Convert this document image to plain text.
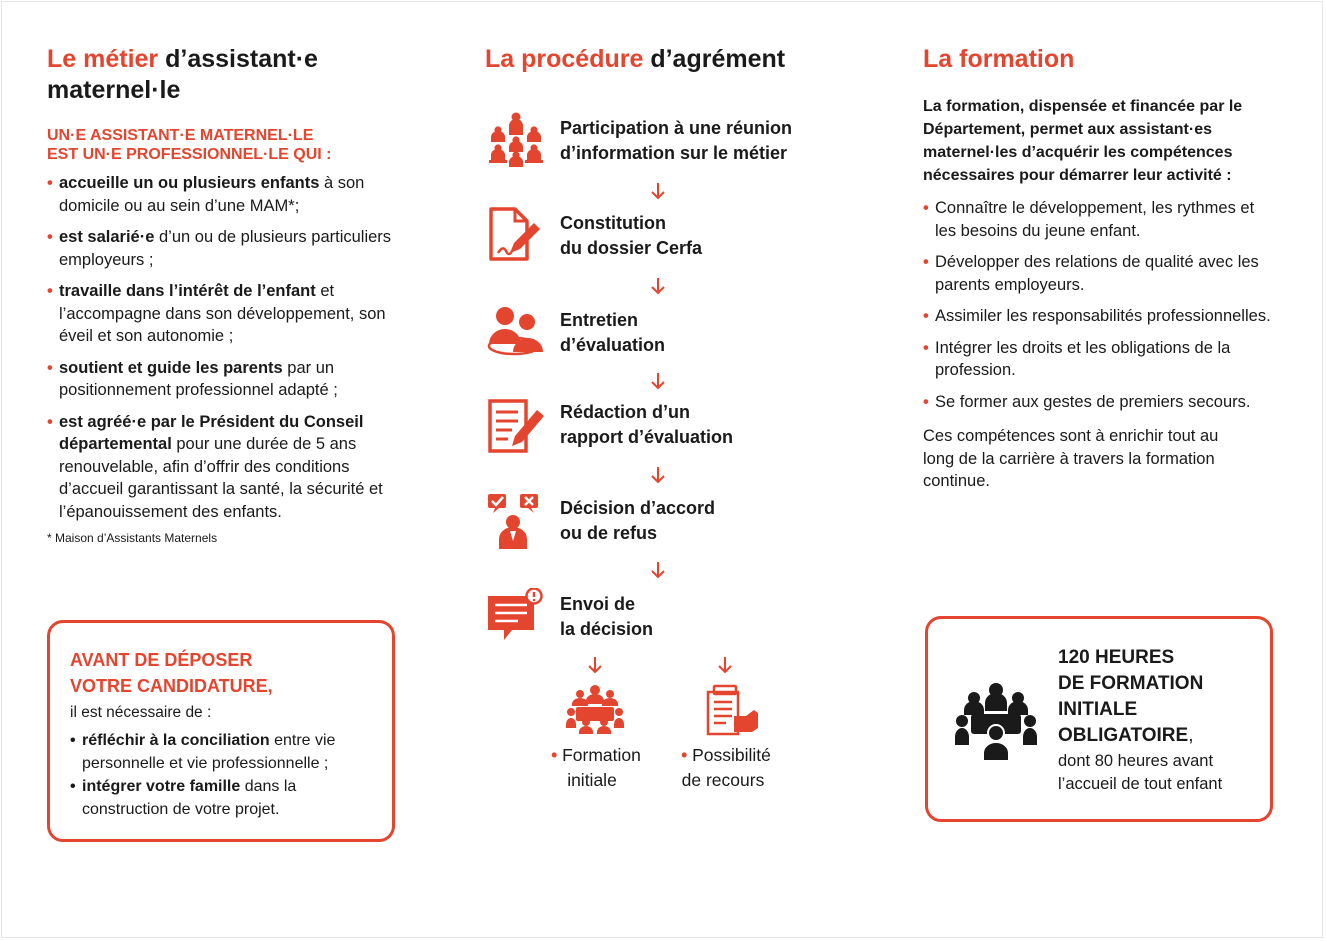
Le métier d’assistant·e maternel·le
UN·E ASSISTANT·E MATERNEL·LE
EST UN·E PROFESSIONNEL·LE QUI :
• accueille un ou plusieurs enfants à son domicile ou au sein d’une MAM*;
• est salarié·e d’un ou de plusieurs particuliers employeurs ;
• travaille dans l’intérêt de l’enfant et l’accompagne dans son développement, son éveil et son autonomie ;
• soutient et guide les parents par un positionnement professionnel adapté ;
• est agréé·e par le Président du Conseil départemental pour une durée de 5 ans renouvelable, afin d’offrir des conditions d’accueil garantissant la santé, la sécurité et l’épanouissement des enfants.
* Maison d’Assistants Maternels
AVANT DE DÉPOSER
VOTRE CANDIDATURE,
il est nécessaire de :
• réfléchir à la conciliation entre vie personnelle et vie professionnelle ;
• intégrer votre famille dans la construction de votre projet.
La procédure d’agrément
Participation à une réunion
d’information sur le métier
Constitution
du dossier Cerfa
Entretien
d’évaluation
Rédaction d’un
rapport d’évaluation
Décision d’accord
ou de refus
Envoi de
la décision
• Formation
initiale
• Possibilité
de recours
La formation
La formation, dispensée et financée par le Département, permet aux assistant·es maternel·les d’acquérir les compétences nécessaires pour démarrer leur activité :
• Connaître le développement, les rythmes et les besoins du jeune enfant.
• Développer des relations de qualité avec les parents employeurs.
• Assimiler les responsabilités professionnelles.
• Intégrer les droits et les obligations de la profession.
• Se former aux gestes de premiers secours.
Ces compétences sont à enrichir tout au long de la carrière à travers la formation continue.
120 HEURES
DE FORMATION
INITIALE
OBLIGATOIRE,
dont 80 heures avant l’accueil de tout enfant
